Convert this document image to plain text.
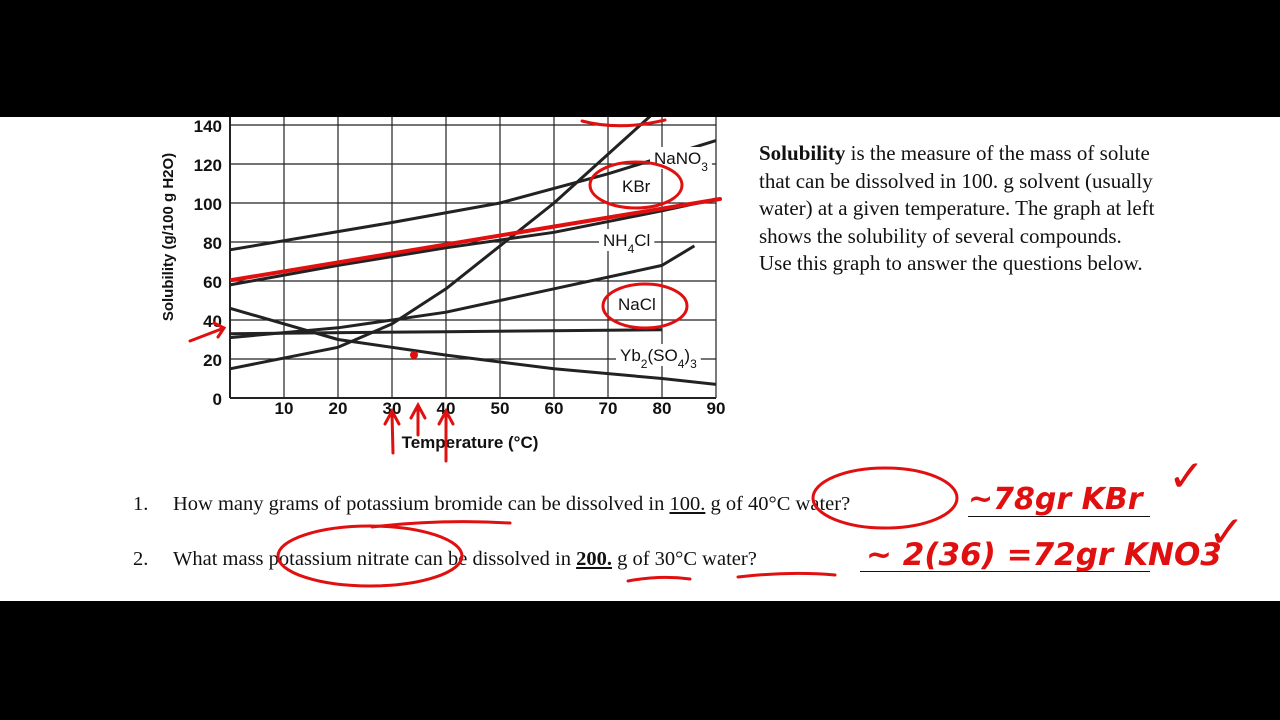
0
20
40
60
80
100
120
140
10 20 30 40 50 60 70 80 90
Temperature (°C)
Solubility (g/100 g H2O)	NaNO$_3$
KBr
$NH_4Cl$
NaCl
$Yb_2(SO_4)_3$
Solubility is the measure of the mass of solute that can be dissolved in 100. g solvent (usually water) at a given temperature. The graph at left shows the solubility of several compounds. Use this graph to answer the questions below.
1. How many grams of potassium bromide can be dissolved in 100. g of 40°C water?
2. What mass potassium nitrate can be dissolved in 200. g of 30°C water?
~78gr KBr
~ 2(36) =72gr KNO3
✓
✓
